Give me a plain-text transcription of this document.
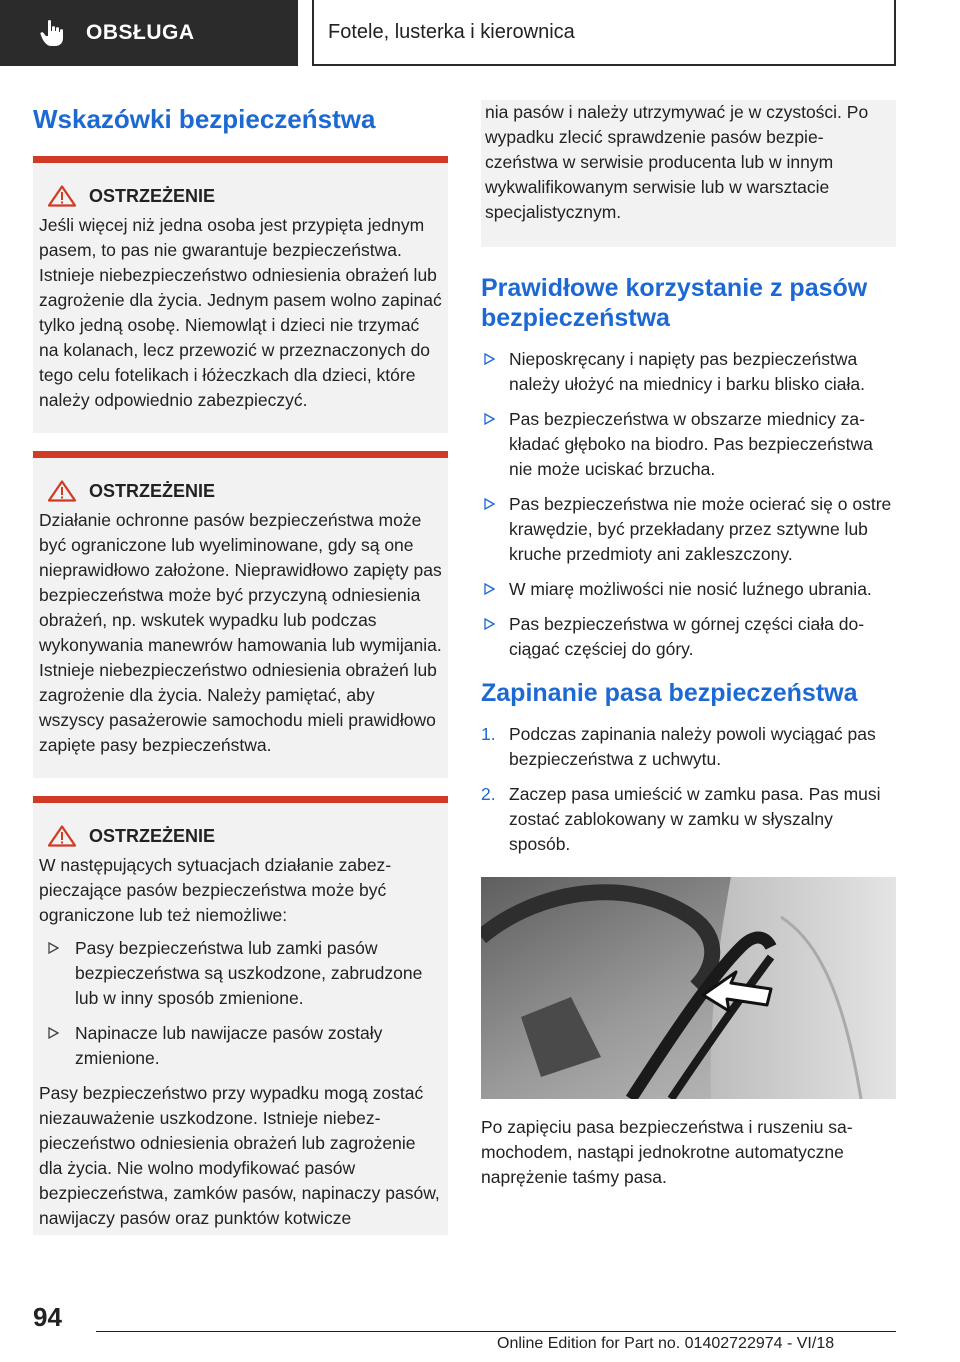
OBSŁUGA	Fotele, lusterka i kierownica
Wskazówki bezpieczeństwa
OSTRZEŻENIE

Jeśli więcej niż jedna osoba jest przypięta jednym pasem, to pas nie gwarantuje bezpieczeństwa. Istnieje niebezpieczeństwo odniesienia obrażeń lub zagrożenie dla życia. Jednym pasem wolno zapinać tylko jedną osobę. Niemowląt i dzieci nie trzymać na kolanach, lecz przewozić w przeznaczonych do tego celu fotelikach i łóżeczkach dla dzieci, które należy odpowiednio zabezpieczyć.

OSTRZEŻENIE

Działanie ochronne pasów bezpieczeństwa może być ograniczone lub wyeliminowane, gdy są one nieprawidłowo założone. Nieprawidłowo zapięty pas bezpieczeństwa może być przyczyną odniesienia obrażeń, np. wskutek wypadku lub podczas wykonywania manewrów hamowania lub wymijania. Istnieje niebezpieczeństwo odniesienia obrażeń lub zagrożenie dla życia. Należy pamiętać, aby wszyscy pasażerowie samochodu mieli prawidłowo zapięte pasy bezpieczeństwa.

OSTRZEŻENIE

W następujących sytuacjach działanie zabezpieczające pasów bezpieczeństwa może być ograniczone lub też niemożliwe:

Pasy bezpieczeństwa lub zamki pasów bezpieczeństwa są uszkodzone, zabrudzone lub w inny sposób zmienione.
Napinacze lub nawijacze pasów zostały zmienione.

Pasy bezpieczeństwo przy wypadku mogą zostać niezauważenie uszkodzone. Istnieje niebezpieczeństwo odniesienia obrażeń lub zagrożenie dla życia. Nie wolno modyfikować pasów bezpieczeństwa, zamków pasów, napinaczy pasów, nawijaczy pasów oraz punktów kotwicze

nia pasów i należy utrzymywać je w czystości. Po wypadku zlecić sprawdzenie pasów bezpieczeństwa w serwisie producenta lub w innym wykwalifikowanym serwisie lub w warsztacie specjalistycznym.

Prawidłowe korzystanie z pasów bezpieczeństwa
Nieposkręcany i napięty pas bezpieczeństwa należy ułożyć na miednicy i barku blisko ciała.
Pas bezpieczeństwa w obszarze miednicy zakładać głęboko na biodro. Pas bezpieczeństwa nie może uciskać brzucha.
Pas bezpieczeństwa nie może ocierać się o ostre krawędzie, być przekładany przez sztywne lub kruche przedmioty ani zakleszczony.
W miarę możliwości nie nosić luźnego ubrania.
Pas bezpieczeństwa w górnej części ciała dociągać częściej do góry.
Zapinanie pasa bezpieczeństwa
1. Podczas zapinania należy powoli wyciągać pas bezpieczeństwa z uchwytu.
2. Zaczep pasa umieścić w zamku pasa. Pas musi zostać zablokowany w zamku w słyszalny sposób.

Po zapięciu pasa bezpieczeństwa i ruszeniu samochodem, nastąpi jednokrotne automatyczne naprężenie taśmy pasa.

94
Online Edition for Part no. 01402722974 - VI/18
